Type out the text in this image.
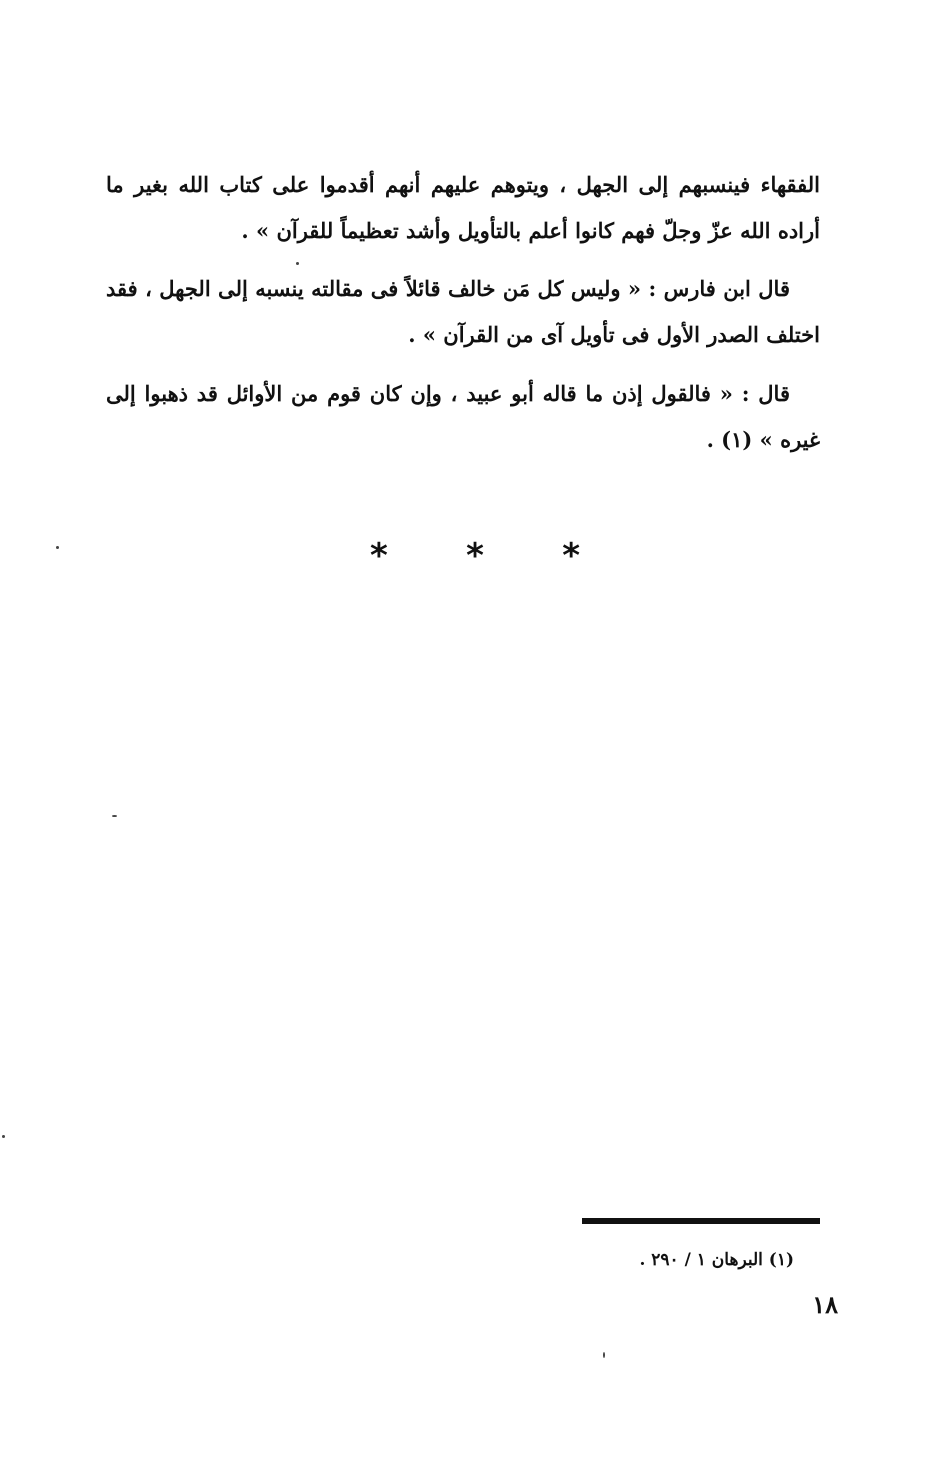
الفقهاء فينسبهم إلى الجهل ، ويتوهم عليهم أنهم أقدموا على كتاب الله بغير ما أراده الله عزّ وجلّ فهم كانوا أعلم بالتأويل وأشد تعظيماً للقرآن » .
قال ابن فارس : « وليس كل مَن خالف قائلاً فى مقالته ينسبه إلى الجهل ، فقد اختلف الصدر الأول فى تأويل آى من القرآن » .
قال : « فالقول إذن ما قاله أبو عبيد ، وإن كان قوم من الأوائل قد ذهبوا إلى غيره » (١) .
* * *
(١) البرهان ١ / ٢٩٠ .
١٨
